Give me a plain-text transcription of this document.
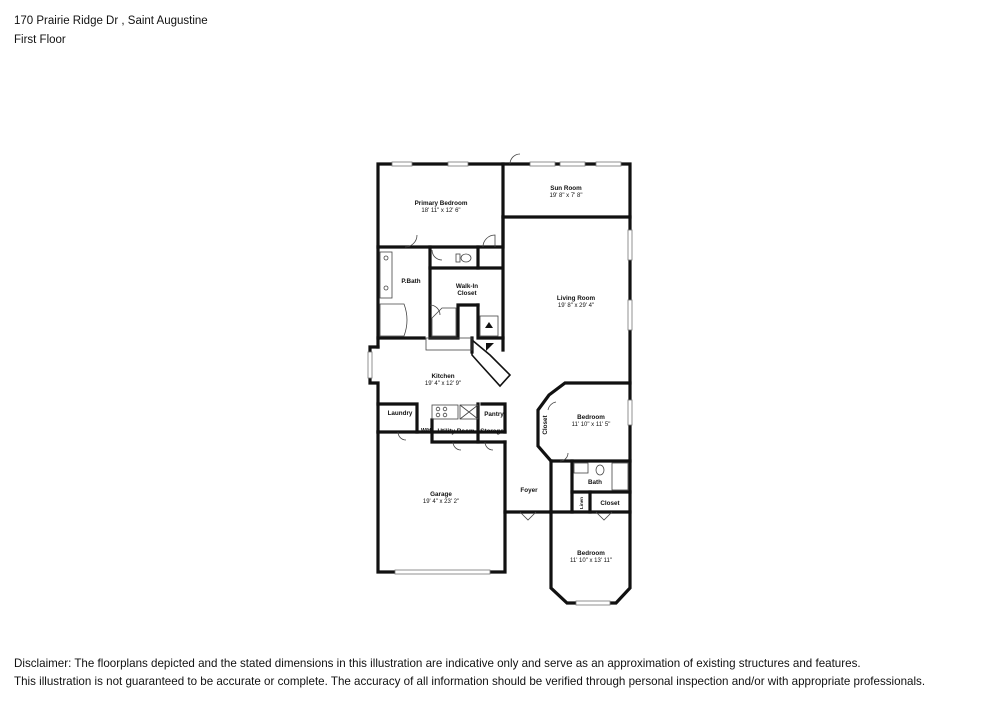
170 Prairie Ridge Dr , Saint Augustine
First Floor
Primary Bedroom
18' 11" x 12' 6"
Sun Room
19' 8" x 7' 8"
P.Bath
Walk-In
Closet
Living Room
19' 8" x 29' 4"
Kitchen
19' 4" x 12' 9"
Laundry	Pantry
W/H Utility Room Storage
Bedroom
11' 10" x 11' 5"
Closet
Bath
Closet
Linen
Garage
19' 4" x 23' 2"
Foyer
Bedroom
11' 10" x 13' 11"
Disclaimer: The floorplans depicted and the stated dimensions in this illustration are indicative only and serve as an approximation of existing structures and features.
This illustration is not guaranteed to be accurate or complete. The accuracy of all information should be verified through personal inspection and/or with appropriate professionals.
